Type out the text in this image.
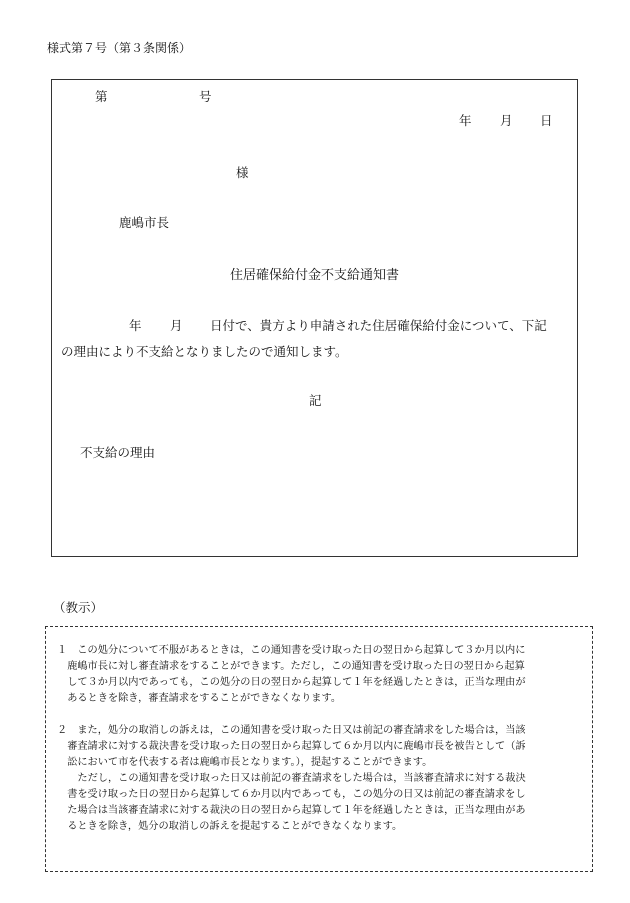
様式第７号（第３条関係）
第	号
年 月 日
様
鹿嶋市長
住居確保給付金不支給通知書
年 月 日付で、貴方より申請された住居確保給付金について、下記
の理由により不支給となりましたので通知します。
記
不支給の理由
（教示）

１　この処分について不服があるときは，この通知書を受け取った日の翌日から起算して３か月以内に

鹿嶋市長に対し審査請求をすることができます。ただし，この通知書を受け取った日の翌日から起算

して３か月以内であっても，この処分の日の翌日から起算して１年を経過したときは，正当な理由が

あるときを除き，審査請求をすることができなくなります。

２　また，処分の取消しの訴えは，この通知書を受け取った日又は前記の審査請求をした場合は，当該

審査請求に対する裁決書を受け取った日の翌日から起算して６か月以内に鹿嶋市長を被告として（訴

訟において市を代表する者は鹿嶋市長となります。），提起することができます。

ただし，この通知書を受け取った日又は前記の審査請求をした場合は，当該審査請求に対する裁決

書を受け取った日の翌日から起算して６か月以内であっても，この処分の日又は前記の審査請求をし

た場合は当該審査請求に対する裁決の日の翌日から起算して１年を経過したときは，正当な理由があ

るときを除き，処分の取消しの訴えを提起することができなくなります。
